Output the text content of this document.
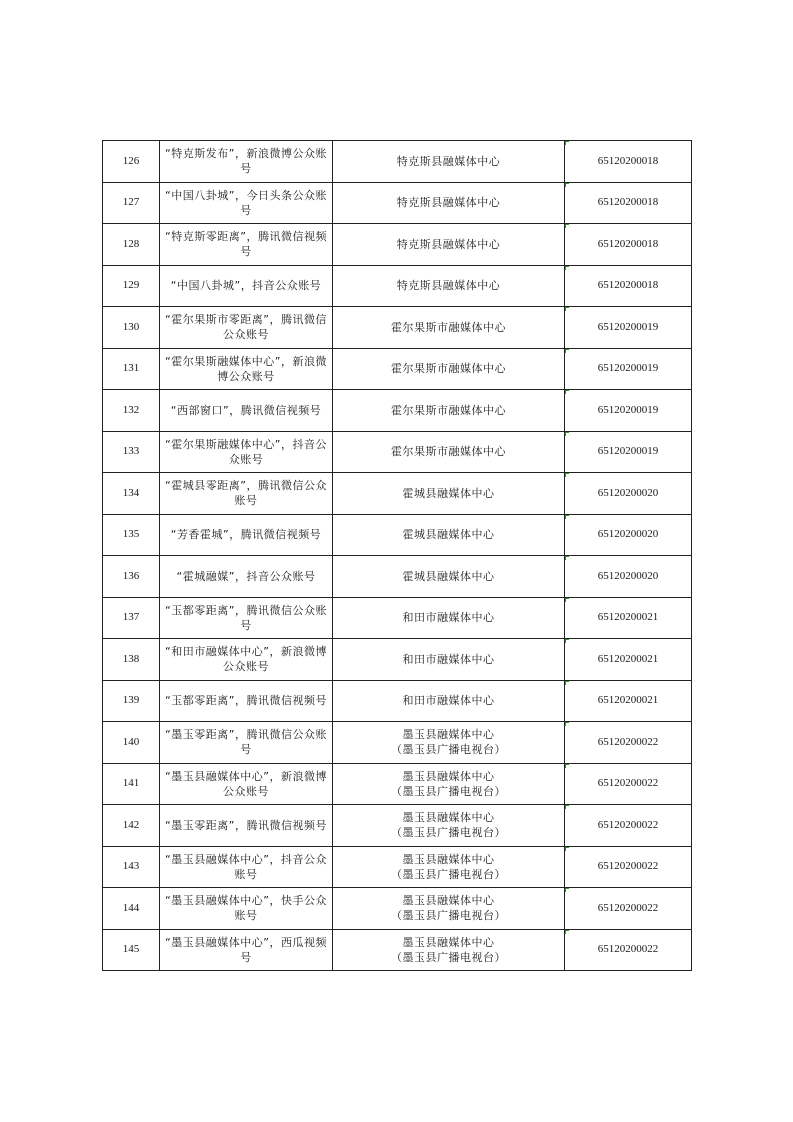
126	“特克斯发布”，新浪微博公众账号	特克斯县融媒体中心	65120200018
127	“中国八卦城”，今日头条公众账号	特克斯县融媒体中心	65120200018
128	“特克斯零距离”，腾讯微信视频号	特克斯县融媒体中心	65120200018
129	“中国八卦城”，抖音公众账号	特克斯县融媒体中心	65120200018
130	“霍尔果斯市零距离”，腾讯微信公众账号	霍尔果斯市融媒体中心	65120200019
131	“霍尔果斯融媒体中心”，新浪微博公众账号	霍尔果斯市融媒体中心	65120200019
132	“西部窗口”，腾讯微信视频号	霍尔果斯市融媒体中心	65120200019
133	“霍尔果斯融媒体中心”，抖音公众账号	霍尔果斯市融媒体中心	65120200019
134	“霍城县零距离”，腾讯微信公众账号	霍城县融媒体中心	65120200020
135	“芳香霍城”，腾讯微信视频号	霍城县融媒体中心	65120200020
136	“霍城融媒”，抖音公众账号	霍城县融媒体中心	65120200020
137	“玉都零距离”，腾讯微信公众账号	和田市融媒体中心	65120200021
138	“和田市融媒体中心”，新浪微博公众账号	和田市融媒体中心	65120200021
139	“玉都零距离”，腾讯微信视频号	和田市融媒体中心	65120200021
140	“墨玉零距离”，腾讯微信公众账号	墨玉县融媒体中心
（墨玉县广播电视台）	65120200022
141	“墨玉县融媒体中心”，新浪微博公众账号	墨玉县融媒体中心
（墨玉县广播电视台）	65120200022
142	“墨玉零距离”，腾讯微信视频号	墨玉县融媒体中心
（墨玉县广播电视台）	65120200022
143	“墨玉县融媒体中心”，抖音公众账号	墨玉县融媒体中心
（墨玉县广播电视台）	65120200022
144	“墨玉县融媒体中心”，快手公众账号	墨玉县融媒体中心
（墨玉县广播电视台）	65120200022
145	“墨玉县融媒体中心”，西瓜视频号	墨玉县融媒体中心
（墨玉县广播电视台）	65120200022
